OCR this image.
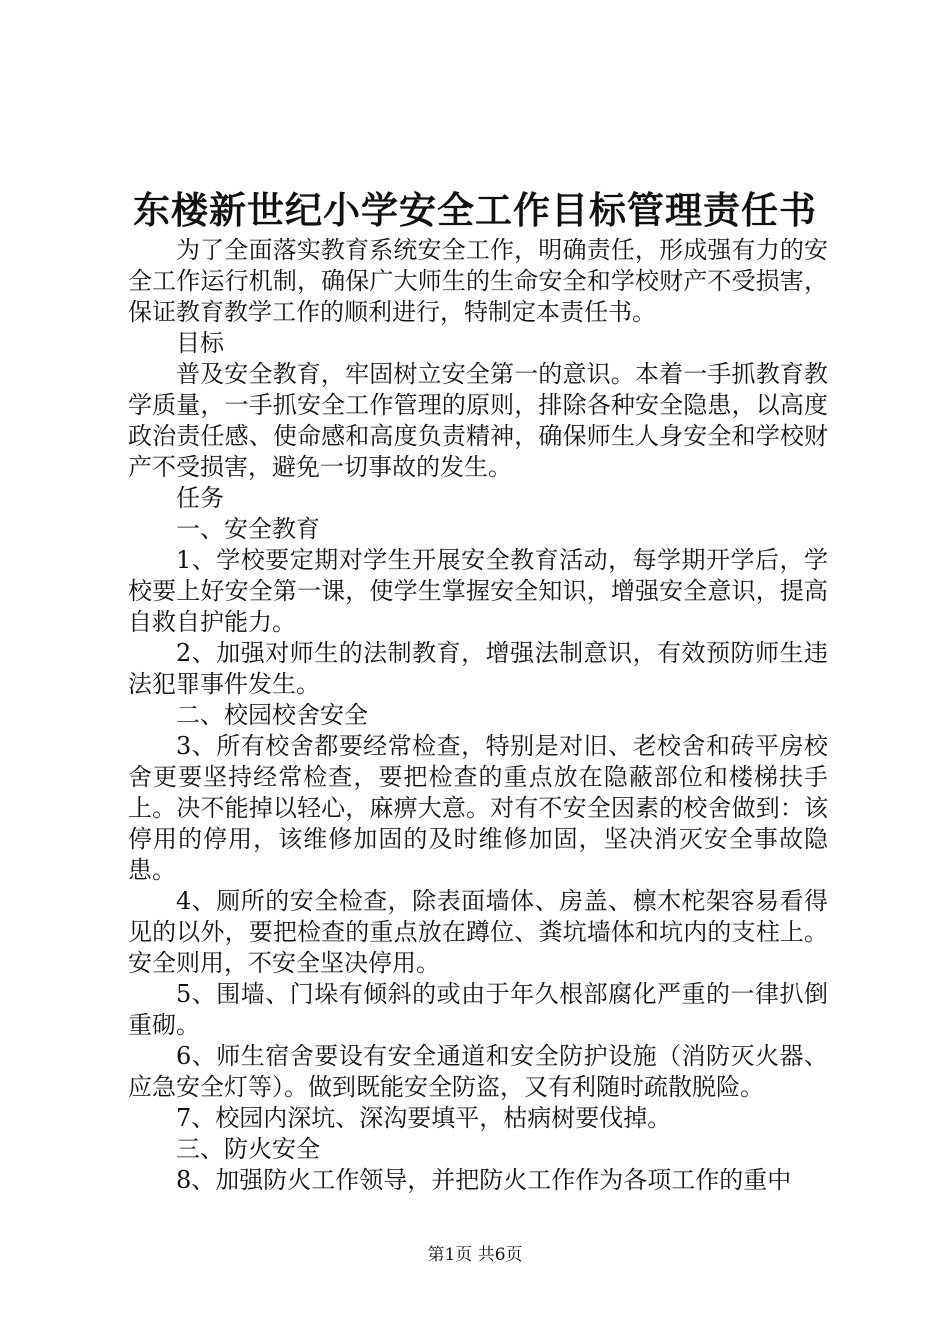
东楼新世纪小学安全工作目标管理责任书

为了全面落实教育系统安全工作，明确责任，形成强有力的安全工作运行机制，确保广大师生的生命安全和学校财产不受损害，保证教育教学工作的顺利进行，特制定本责任书。

目标

普及安全教育，牢固树立安全第一的意识。本着一手抓教育教学质量，一手抓安全工作管理的原则，排除各种安全隐患，以高度政治责任感、使命感和高度负责精神，确保师生人身安全和学校财产不受损害，避免一切事故的发生。

任务

一、安全教育

1、学校要定期对学生开展安全教育活动，每学期开学后，学校要上好安全第一课，使学生掌握安全知识，增强安全意识，提高自救自护能力。

2、加强对师生的法制教育，增强法制意识，有效预防师生违法犯罪事件发生。

二、校园校舍安全

3、所有校舍都要经常检查，特别是对旧、老校舍和砖平房校舍更要坚持经常检查，要把检查的重点放在隐蔽部位和楼梯扶手上。决不能掉以轻心，麻痹大意。对有不安全因素的校舍做到：该停用的停用，该维修加固的及时维修加固，坚决消灭安全事故隐患。

4、厕所的安全检查，除表面墙体、房盖、檩木柁架容易看得见的以外，要把检查的重点放在蹲位、粪坑墙体和坑内的支柱上。安全则用，不安全坚决停用。

5、围墙、门垛有倾斜的或由于年久根部腐化严重的一律扒倒重砌。

6、师生宿舍要设有安全通道和安全防护设施（消防灭火器、应急安全灯等）。做到既能安全防盗，又有利随时疏散脱险。

7、校园内深坑、深沟要填平，枯病树要伐掉。

三、防火安全

8、加强防火工作领导，并把防火工作作为各项工作的重中

第1页 共6页
